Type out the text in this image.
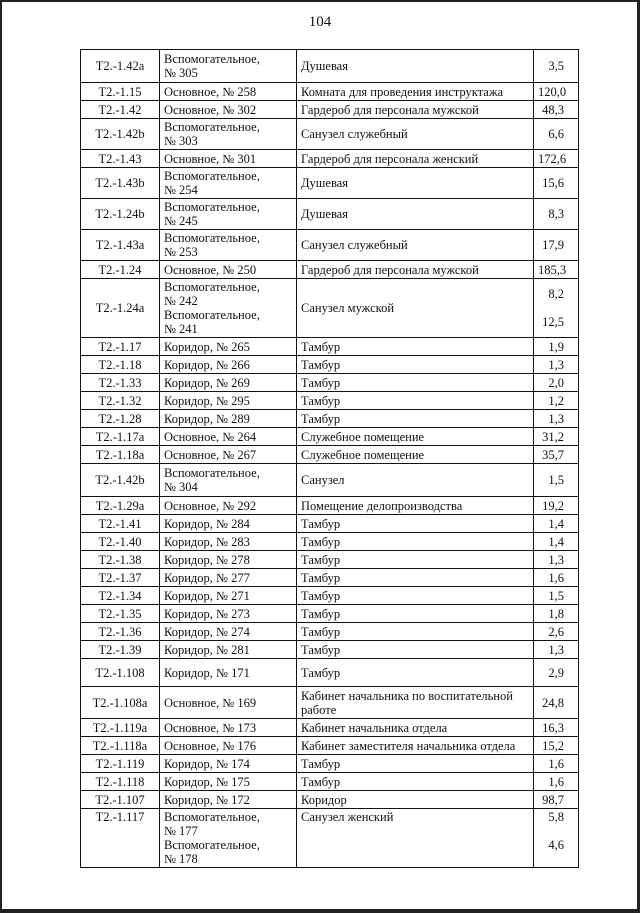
104
Т2.-1.42а	Вспомогательное,
№ 305	Душевая	3,5

Т2.-1.15	Основное, № 258	Комната для проведения инструктажа	120,0

Т2.-1.42	Основное, № 302	Гардероб для персонала мужской	48,3

Т2.-1.42b	Вспомогательное,
№ 303	Санузел служебный	6,6

Т2.-1.43	Основное, № 301	Гардероб для персонала женский	172,6

Т2.-1.43b	Вспомогательное,
№ 254	Душевая	15,6

Т2.-1.24b	Вспомогательное,
№ 245	Душевая	8,3

Т2.-1.43а	Вспомогательное,
№ 253	Санузел служебный	17,9

Т2.-1.24	Основное, № 250	Гардероб для персонала мужской	185,3

Т2.-1.24а	Вспомогательное,
№ 242
Вспомогательное,
№ 241	Санузел мужской	8,2
12,5

Т2.-1.17	Коридор, № 265	Тамбур	1,9

Т2.-1.18	Коридор, № 266	Тамбур	1,3

Т2.-1.33	Коридор, № 269	Тамбур	2,0

Т2.-1.32	Коридор, № 295	Тамбур	1,2

Т2.-1.28	Коридор, № 289	Тамбур	1,3

Т2.-1.17а	Основное, № 264	Служебное помещение	31,2

Т2.-1.18а	Основное, № 267	Служебное помещение	35,7

Т2.-1.42b	Вспомогательное,
№ 304	Санузел	1,5

Т2.-1.29а	Основное, № 292	Помещение делопроизводства	19,2

Т2.-1.41	Коридор, № 284	Тамбур	1,4

Т2.-1.40	Коридор, № 283	Тамбур	1,4

Т2.-1.38	Коридор, № 278	Тамбур	1,3

Т2.-1.37	Коридор, № 277	Тамбур	1,6

Т2.-1.34	Коридор, № 271	Тамбур	1,5

Т2.-1.35	Коридор, № 273	Тамбур	1,8

Т2.-1.36	Коридор, № 274	Тамбур	2,6

Т2.-1.39	Коридор, № 281	Тамбур	1,3

Т2.-1.108	Коридор, № 171	Тамбур	2,9

Т2.-1.108а	Основное, № 169	Кабинет начальника по воспитательной работе	24,8

Т2.-1.119а	Основное, № 173	Кабинет начальника отдела	16,3

Т2.-1.118а	Основное, № 176	Кабинет заместителя начальника отдела	15,2

Т2.-1.119	Коридор, № 174	Тамбур	1,6

Т2.-1.118	Коридор, № 175	Тамбур	1,6

Т2.-1.107	Коридор, № 172	Коридор	98,7

Т2.-1.117	Вспомогательное,
№ 177
Вспомогательное,
№ 178	Санузел женский	5,8
4,6
